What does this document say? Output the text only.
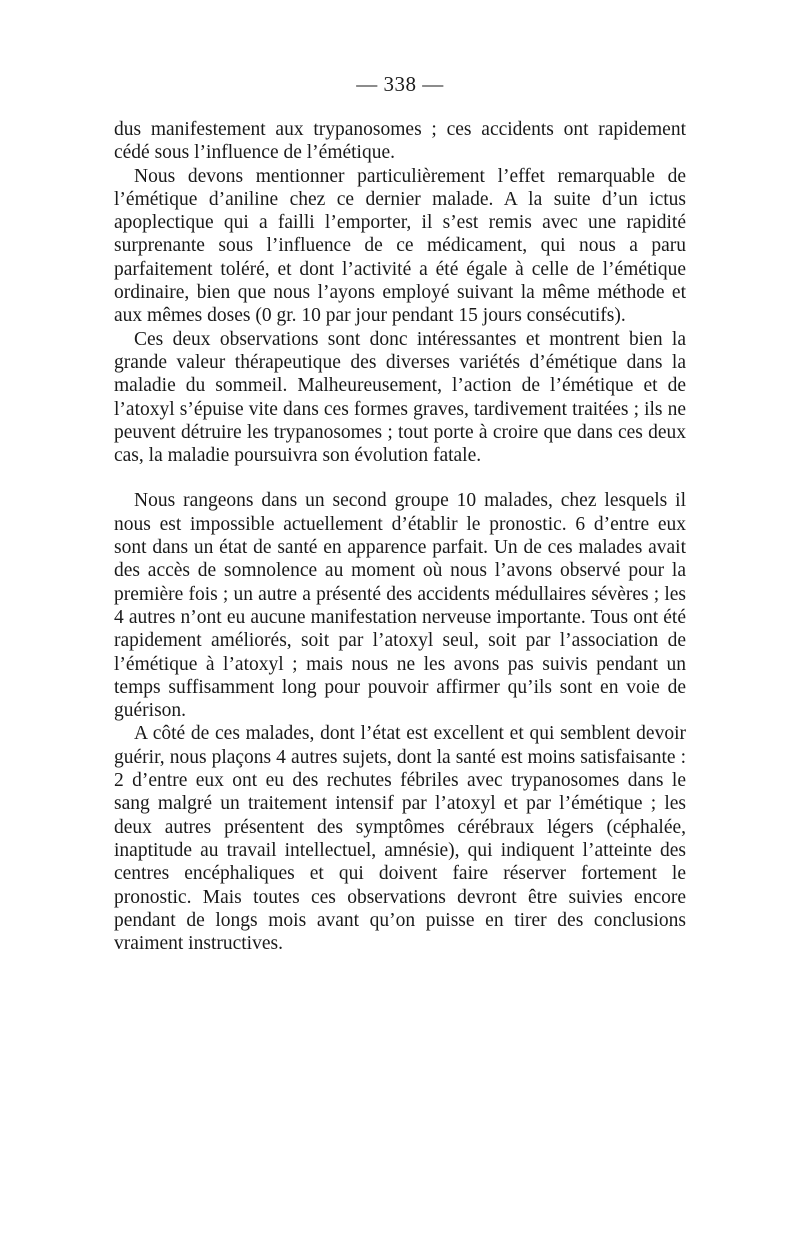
— 338 —

dus manifestement aux trypanosomes ; ces accidents ont rapidement cédé sous l’influence de l’émétique.

Nous devons mentionner particulièrement l’effet remarquable de l’émétique d’aniline chez ce dernier malade. A la suite d’un ictus apoplectique qui a failli l’emporter, il s’est remis avec une rapidité surprenante sous l’influence de ce médicament, qui nous a paru parfaitement toléré, et dont l’activité a été égale à celle de l’émétique ordinaire, bien que nous l’ayons employé suivant la même méthode et aux mêmes doses (0 gr. 10 par jour pendant 15 jours consécutifs).

Ces deux observations sont donc intéressantes et montrent bien la grande valeur thérapeutique des diverses variétés d’émétique dans la maladie du sommeil. Malheureusement, l’action de l’émétique et de l’atoxyl s’épuise vite dans ces formes graves, tardivement traitées ; ils ne peuvent détruire les trypanosomes ; tout porte à croire que dans ces deux cas, la maladie poursuivra son évolution fatale.

Nous rangeons dans un second groupe 10 malades, chez lesquels il nous est impossible actuellement d’établir le pronostic. 6 d’entre eux sont dans un état de santé en apparence parfait. Un de ces malades avait des accès de somnolence au moment où nous l’avons observé pour la première fois ; un autre a présenté des accidents médullaires sévères ; les 4 autres n’ont eu aucune manifestation nerveuse importante. Tous ont été rapidement améliorés, soit par l’atoxyl seul, soit par l’association de l’émétique à l’atoxyl ; mais nous ne les avons pas suivis pendant un temps suffisamment long pour pouvoir affirmer qu’ils sont en voie de guérison.

A côté de ces malades, dont l’état est excellent et qui semblent devoir guérir, nous plaçons 4 autres sujets, dont la santé est moins satisfaisante : 2 d’entre eux ont eu des rechutes fébriles avec trypanosomes dans le sang malgré un traitement intensif par l’atoxyl et par l’émétique ; les deux autres présentent des symptômes cérébraux légers (céphalée, inaptitude au travail intellectuel, amnésie), qui indiquent l’atteinte des centres encéphaliques et qui doivent faire réserver fortement le pronostic. Mais toutes ces observations devront être suivies encore pendant de longs mois avant qu’on puisse en tirer des conclusions vraiment instructives.
